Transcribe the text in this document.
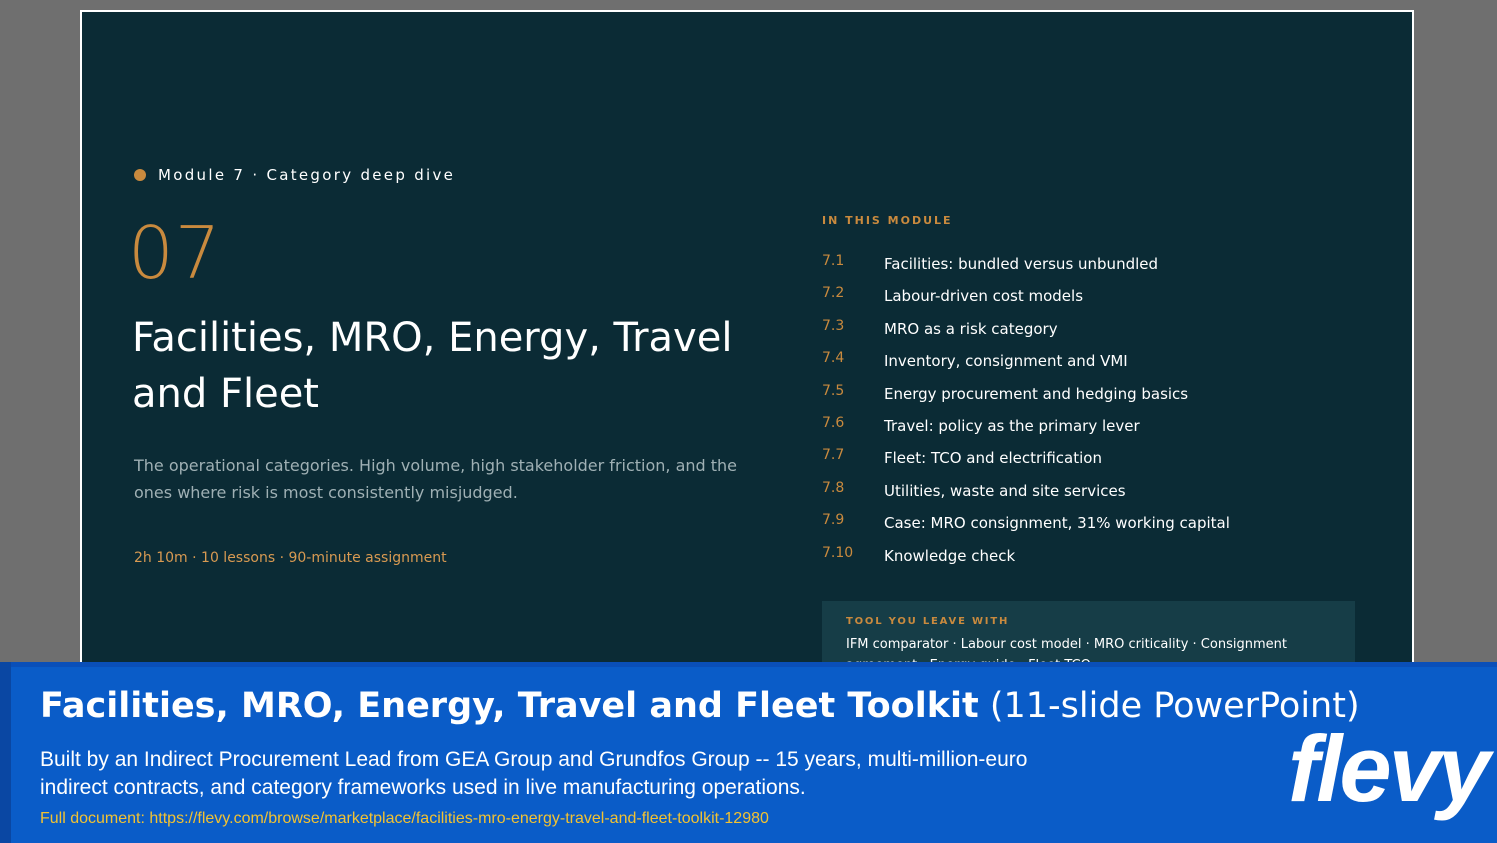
Module 7 · Category deep dive
07
Facilities, MRO, Energy, Travel and Fleet
The operational categories. High volume, high stakeholder friction, and the ones where risk is most consistently misjudged.
2h 10m · 10 lessons · 90-minute assignment
IN THIS MODULE
7.1	Facilities: bundled versus unbundled
7.2	Labour-driven cost models
7.3	MRO as a risk category
7.4	Inventory, consignment and VMI
7.5	Energy procurement and hedging basics
7.6	Travel: policy as the primary lever
7.7	Fleet: TCO and electrification
7.8	Utilities, waste and site services
7.9	Case: MRO consignment, 31% working capital
7.10	Knowledge check
TOOL YOU LEAVE WITH
IFM comparator · Labour cost model · MRO criticality · Consignment
Facilities, MRO, Energy, Travel and Fleet Toolkit (11-slide PowerPoint)
Built by an Indirect Procurement Lead from GEA Group and Grundfos Group -- 15 years, multi-million-euro indirect contracts, and category frameworks used in live manufacturing operations.
Full document: https://flevy.com/browse/marketplace/facilities-mro-energy-travel-and-fleet-toolkit-12980	flevy
